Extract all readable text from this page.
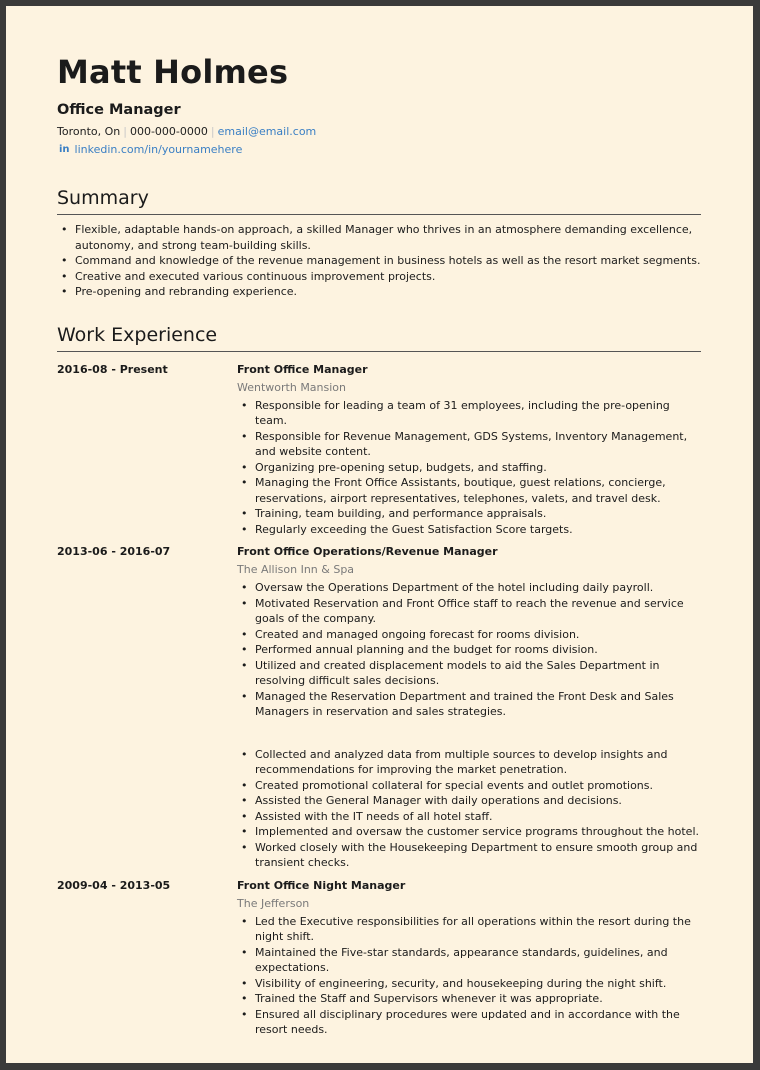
Matt Holmes
Office Manager
Toronto, On | 000-000-0000 | email@email.com
in linkedin.com/in/yournamehere
Summary
• Flexible, adaptable hands-on approach, a skilled Manager who thrives in an atmosphere demanding excellence, autonomy, and strong team-building skills.
• Command and knowledge of the revenue management in business hotels as well as the resort market segments.
• Creative and executed various continuous improvement projects.
• Pre-opening and rebranding experience.
Work Experience
2016-08 - Present	Front Office Manager
Wentworth Mansion
• Responsible for leading a team of 31 employees, including the pre-opening team.
• Responsible for Revenue Management, GDS Systems, Inventory Management, and website content.
• Organizing pre-opening setup, budgets, and staffing.
• Managing the Front Office Assistants, boutique, guest relations, concierge, reservations, airport representatives, telephones, valets, and travel desk.
• Training, team building, and performance appraisals.
• Regularly exceeding the Guest Satisfaction Score targets.
2013-06 - 2016-07	Front Office Operations/Revenue Manager
The Allison Inn & Spa
• Oversaw the Operations Department of the hotel including daily payroll.
• Motivated Reservation and Front Office staff to reach the revenue and service goals of the company.
• Created and managed ongoing forecast for rooms division.
• Performed annual planning and the budget for rooms division.
• Utilized and created displacement models to aid the Sales Department in resolving difficult sales decisions.
• Managed the Reservation Department and trained the Front Desk and Sales Managers in reservation and sales strategies.
• Collected and analyzed data from multiple sources to develop insights and recommendations for improving the market penetration.
• Created promotional collateral for special events and outlet promotions.
• Assisted the General Manager with daily operations and decisions.
• Assisted with the IT needs of all hotel staff.
• Implemented and oversaw the customer service programs throughout the hotel.
• Worked closely with the Housekeeping Department to ensure smooth group and transient checks.
2009-04 - 2013-05	Front Office Night Manager
The Jefferson
• Led the Executive responsibilities for all operations within the resort during the night shift.
• Maintained the Five-star standards, appearance standards, guidelines, and expectations.
• Visibility of engineering, security, and housekeeping during the night shift.
• Trained the Staff and Supervisors whenever it was appropriate.
• Ensured all disciplinary procedures were updated and in accordance with the resort needs.
